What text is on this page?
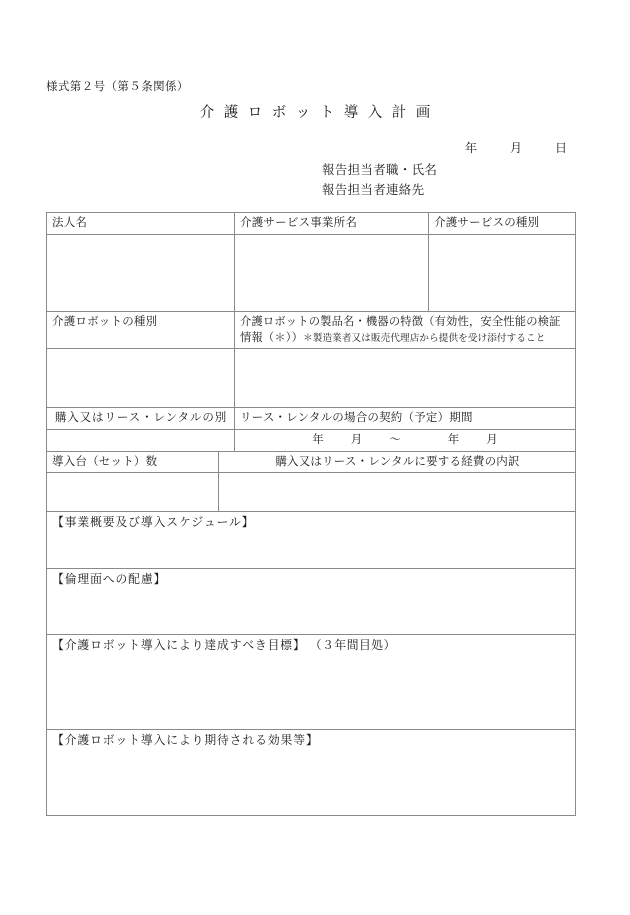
様式第２号（第５条関係）
介護ロボット導入計画
年	月	日
報告担当者職・氏名
報告担当者連絡先
法人名		介護サービス事業所名	介護サービスの種別

介護ロボットの種別		介護ロボットの製品名・機器の特徴（有効性，安全性能の検証
情報（＊））＊製造業者又は販売代理店から提供を受け添付すること	

購入又はリース・レンタルの別		リース・レンタルの場合の契約（予定）期間	

		年 月 ～ 年 月	

導入台（セット）数	購入又はリース・レンタルに要する経費の内訳		

【事業概要及び導入スケジュール】			

【倫理面への配慮】			

【介護ロボット導入により達成すべき目標】 （３年間目処）			

【介護ロボット導入により期待される効果等】			
